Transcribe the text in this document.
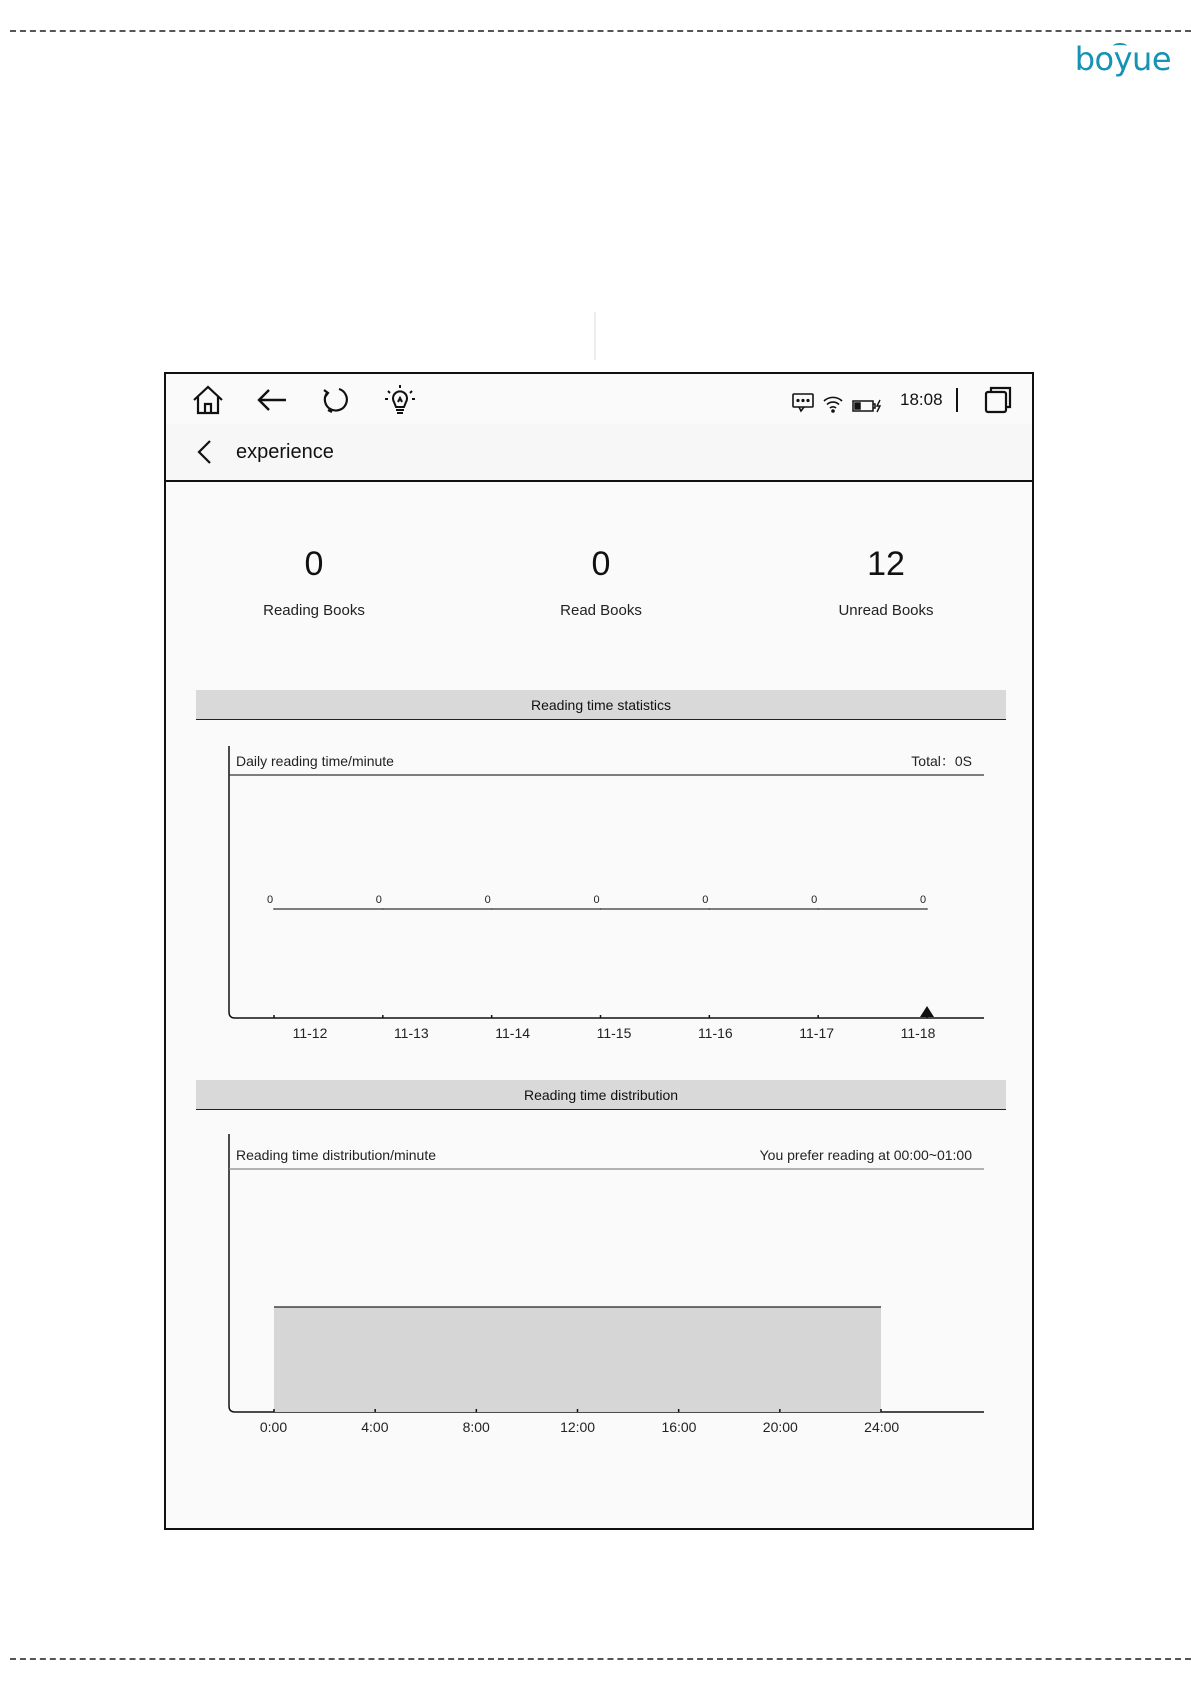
boyue
18:08
experience
0
Reading Books
0
Read Books
12
Unread Books
Reading time statistics
Daily reading time/minute	Total：0S
11-12
0
11-13
0
11-14
0
11-15
0
11-16
0
11-17
0
11-18
0
Reading time distribution
Reading time distribution/minute	You prefer reading at 00:00~01:00
0:00	4:00	8:00	12:00	16:00	20:00	24:00
